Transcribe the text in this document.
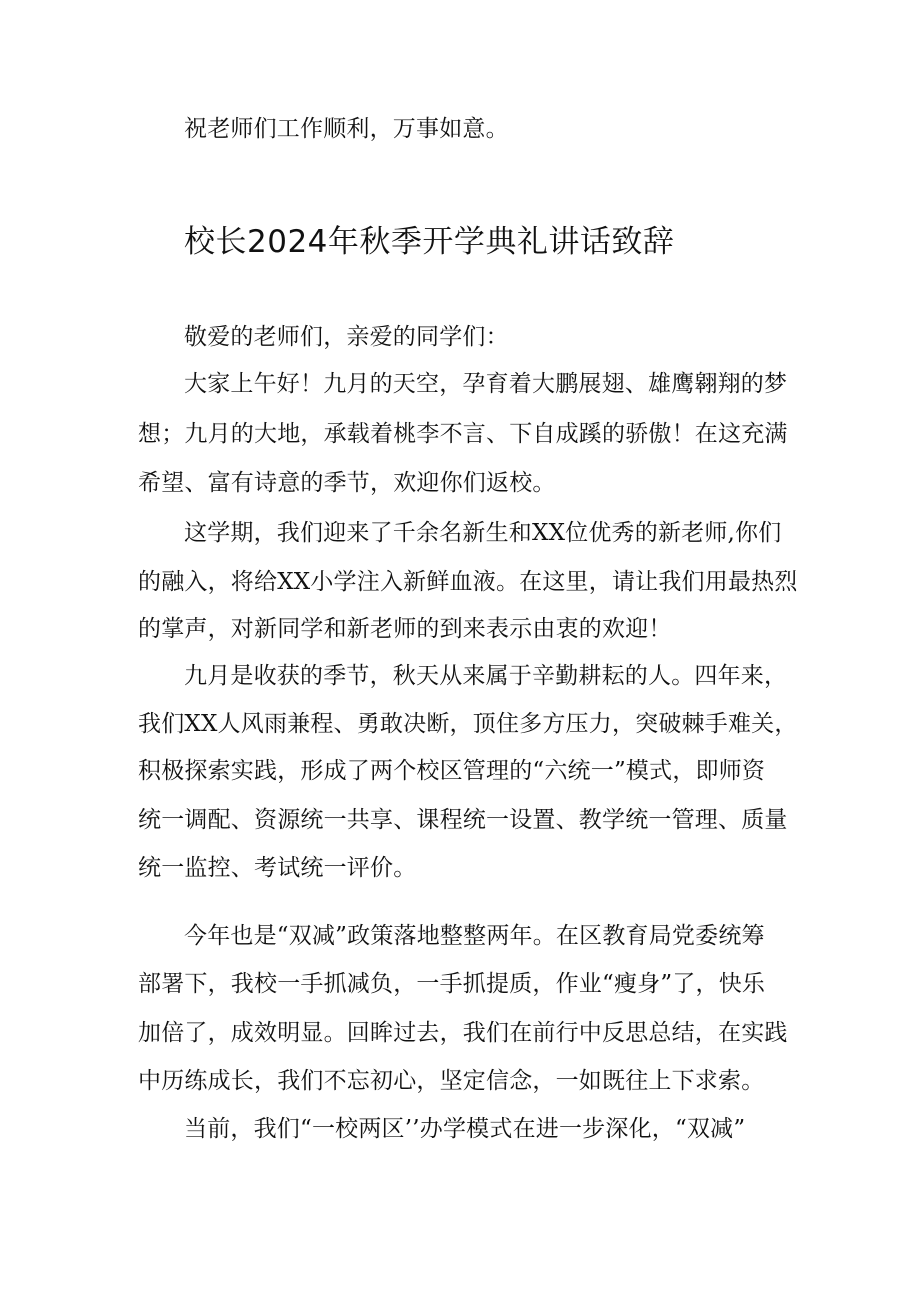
祝老师们工作顺利，万事如意。
校长2024年秋季开学典礼讲话致辞
敬爱的老师们，亲爱的同学们：
大家上午好！九月的天空，孕育着大鹏展翅、雄鹰翱翔的梦
想；九月的大地，承载着桃李不言、下自成蹊的骄傲！在这充满
希望、富有诗意的季节，欢迎你们返校。
这学期，我们迎来了千余名新生和XX位优秀的新老师,你们
的融入，将给XX小学注入新鲜血液。在这里，请让我们用最热烈
的掌声，对新同学和新老师的到来表示由衷的欢迎！
九月是收获的季节，秋天从来属于辛勤耕耘的人。四年来，
我们XX人风雨兼程、勇敢决断，顶住多方压力，突破棘手难关，
积极探索实践，形成了两个校区管理的“六统一”模式，即师资
统一调配、资源统一共享、课程统一设置、教学统一管理、质量
统一监控、考试统一评价。
今年也是“双减”政策落地整整两年。在区教育局党委统筹
部署下，我校一手抓减负，一手抓提质，作业“瘦身”了，快乐
加倍了，成效明显。回眸过去，我们在前行中反思总结，在实践
中历练成长，我们不忘初心，坚定信念，一如既往上下求索。
当前，我们“一校两区’’办学模式在进一步深化，“双减”
